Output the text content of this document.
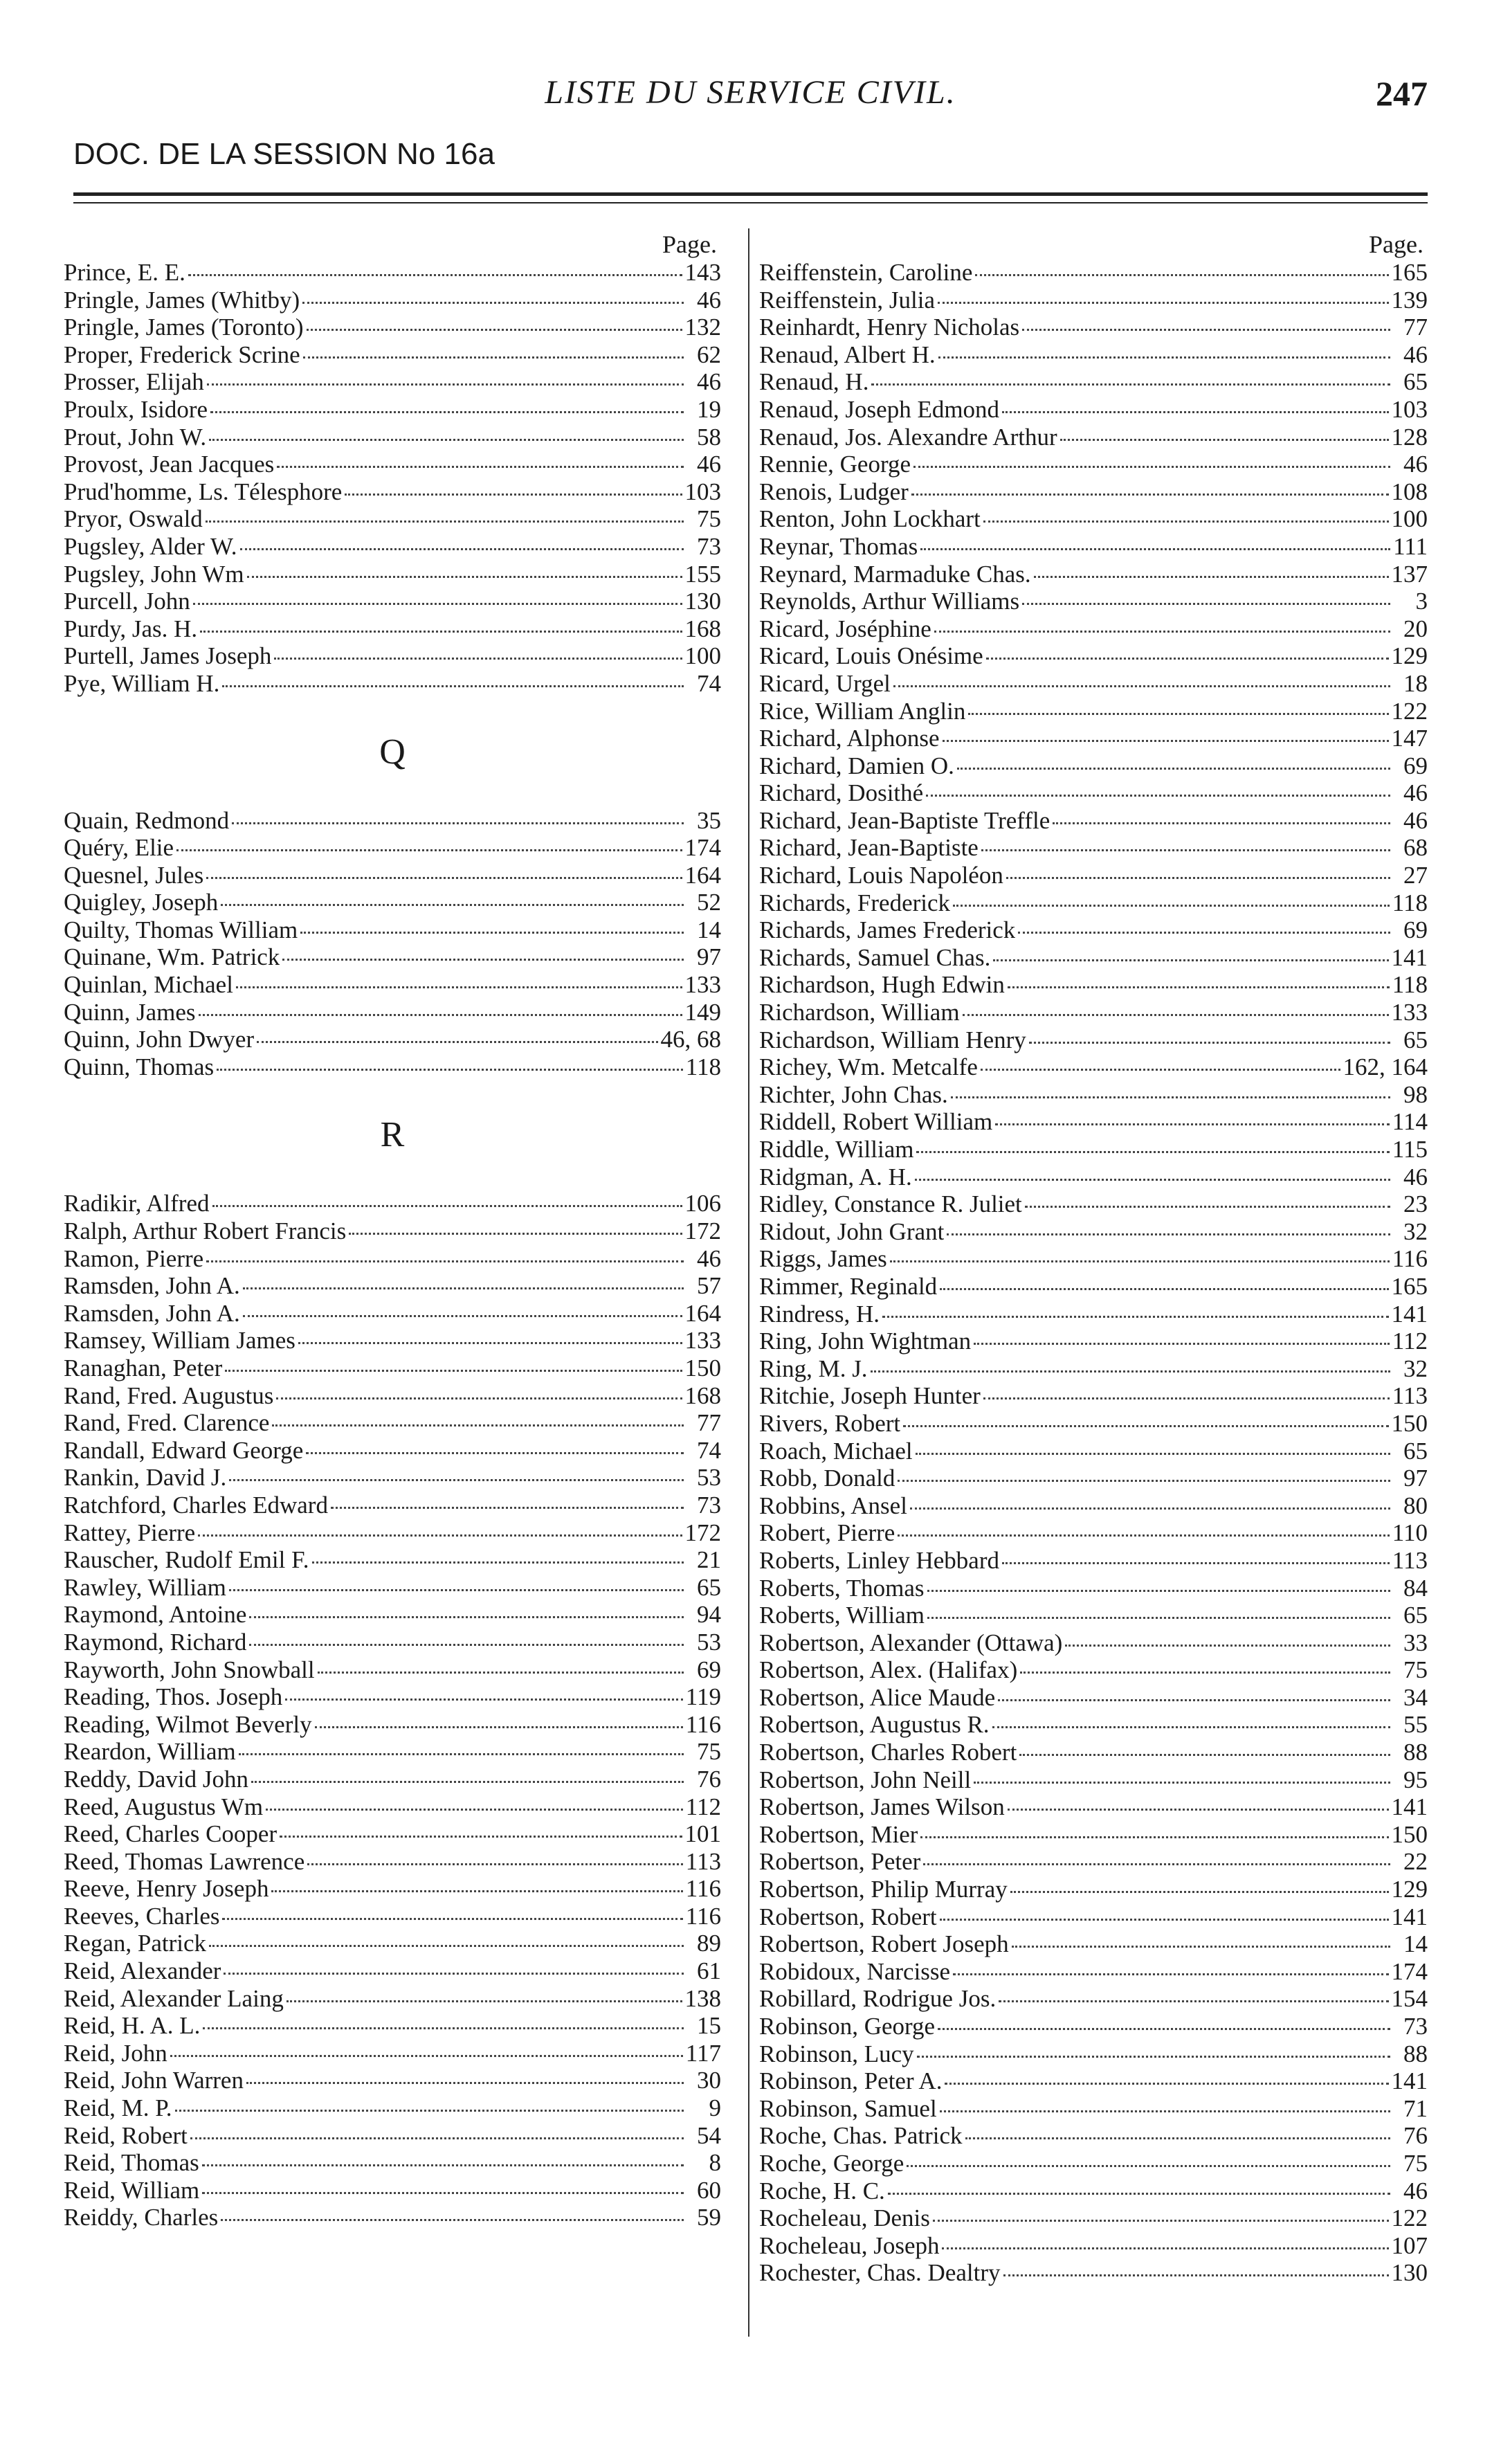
LISTE DU SERVICE CIVIL.	247
DOC. DE LA SESSION No 16a
Page.
Prince, E. E.	143
Pringle, James (Whitby)	46
Pringle, James (Toronto)	132
Proper, Frederick Scrine	62
Prosser, Elijah	46
Proulx, Isidore	19
Prout, John W.	58
Provost, Jean Jacques	46
Prud'homme, Ls. Télesphore	103
Pryor, Oswald	75
Pugsley, Alder W.	73
Pugsley, John Wm	155
Purcell, John	130
Purdy, Jas. H.	168
Purtell, James Joseph	100
Pye, William H.	74
Q
Quain, Redmond	35
Quéry, Elie	174
Quesnel, Jules	164
Quigley, Joseph	52
Quilty, Thomas William	14
Quinane, Wm. Patrick	97
Quinlan, Michael	133
Quinn, James	149
Quinn, John Dwyer	46, 68
Quinn, Thomas	118
R
Radikir, Alfred	106
Ralph, Arthur Robert Francis	172
Ramon, Pierre	46
Ramsden, John A.	57
Ramsden, John A.	164
Ramsey, William James	133
Ranaghan, Peter	150
Rand, Fred. Augustus	168
Rand, Fred. Clarence	77
Randall, Edward George	74
Rankin, David J.	53
Ratchford, Charles Edward	73
Rattey, Pierre	172
Rauscher, Rudolf Emil F.	21
Rawley, William	65
Raymond, Antoine	94
Raymond, Richard	53
Rayworth, John Snowball	69
Reading, Thos. Joseph	119
Reading, Wilmot Beverly	116
Reardon, William	75
Reddy, David John	76
Reed, Augustus Wm	112
Reed, Charles Cooper	101
Reed, Thomas Lawrence	113
Reeve, Henry Joseph	116
Reeves, Charles	116
Regan, Patrick	89
Reid, Alexander	61
Reid, Alexander Laing	138
Reid, H. A. L.	15
Reid, John	117
Reid, John Warren	30
Reid, M. P.	9
Reid, Robert	54
Reid, Thomas	8
Reid, William	60
Reiddy, Charles	59
Page.
Reiffenstein, Caroline	165
Reiffenstein, Julia	139
Reinhardt, Henry Nicholas	77
Renaud, Albert H.	46
Renaud, H.	65
Renaud, Joseph Edmond	103
Renaud, Jos. Alexandre Arthur	128
Rennie, George	46
Renois, Ludger	108
Renton, John Lockhart	100
Reynar, Thomas	111
Reynard, Marmaduke Chas.	137
Reynolds, Arthur Williams	3
Ricard, Joséphine	20
Ricard, Louis Onésime	129
Ricard, Urgel	18
Rice, William Anglin	122
Richard, Alphonse	147
Richard, Damien O.	69
Richard, Dosithé	46
Richard, Jean-Baptiste Treffle	46
Richard, Jean-Baptiste	68
Richard, Louis Napoléon	27
Richards, Frederick	118
Richards, James Frederick	69
Richards, Samuel Chas.	141
Richardson, Hugh Edwin	118
Richardson, William	133
Richardson, William Henry	65
Richey, Wm. Metcalfe	162, 164
Richter, John Chas.	98
Riddell, Robert William	114
Riddle, William	115
Ridgman, A. H.	46
Ridley, Constance R. Juliet	23
Ridout, John Grant	32
Riggs, James	116
Rimmer, Reginald	165
Rindress, H.	141
Ring, John Wightman	112
Ring, M. J.	32
Ritchie, Joseph Hunter	113
Rivers, Robert	150
Roach, Michael	65
Robb, Donald	97
Robbins, Ansel	80
Robert, Pierre	110
Roberts, Linley Hebbard	113
Roberts, Thomas	84
Roberts, William	65
Robertson, Alexander (Ottawa)	33
Robertson, Alex. (Halifax)	75
Robertson, Alice Maude	34
Robertson, Augustus R.	55
Robertson, Charles Robert	88
Robertson, John Neill	95
Robertson, James Wilson	141
Robertson, Mier	150
Robertson, Peter	22
Robertson, Philip Murray	129
Robertson, Robert	141
Robertson, Robert Joseph	14
Robidoux, Narcisse	174
Robillard, Rodrigue Jos.	154
Robinson, George	73
Robinson, Lucy	88
Robinson, Peter A.	141
Robinson, Samuel	71
Roche, Chas. Patrick	76
Roche, George	75
Roche, H. C.	46
Rocheleau, Denis	122
Rocheleau, Joseph	107
Rochester, Chas. Dealtry	130
